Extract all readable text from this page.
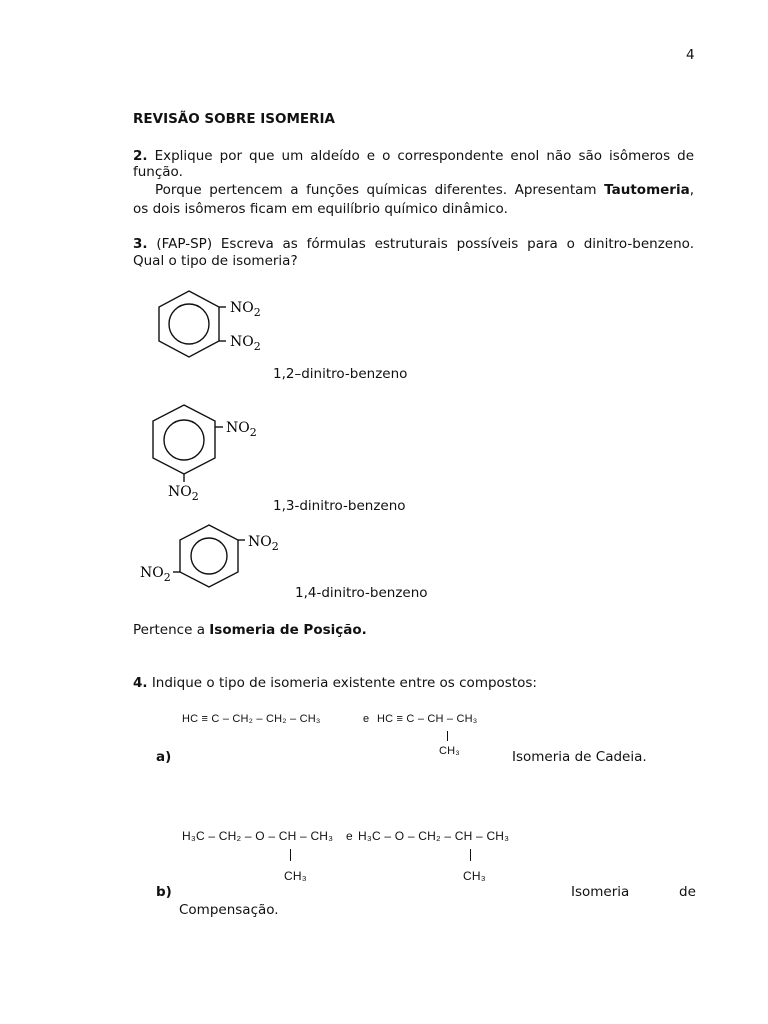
4
REVISÃO SOBRE ISOMERIA
2. Explique por que um aldeído e o correspondente enol não são isômeros de
função.
Porque pertencem a funções químicas diferentes. Apresentam Tautomeria,
os dois isômeros ficam em equilíbrio químico dinâmico.
3. (FAP-SP) Escreva as fórmulas estruturais possíveis para o dinitro-benzeno.
Qual o tipo de isomeria?
$NO_2$
$NO_2$
1,2–dinitro-benzeno
$NO_2$
$NO_2$
1,3-dinitro-benzeno
$NO_2$
$NO_2$
1,4-dinitro-benzeno
Pertence a Isomeria de Posição.
4. Indique o tipo de isomeria existente entre os compostos:
HC ≡ C – CH₂ – CH₂ – CH₃	e HC ≡ C – CH – CH₃
CH₃
a)	Isomeria de Cadeia.
H₃C – CH₂ – O – CH – CH₃ e H₃C – O – CH₂ – CH – CH₃
CH₃	CH₃
b)	Isomeria	de
Compensação.
